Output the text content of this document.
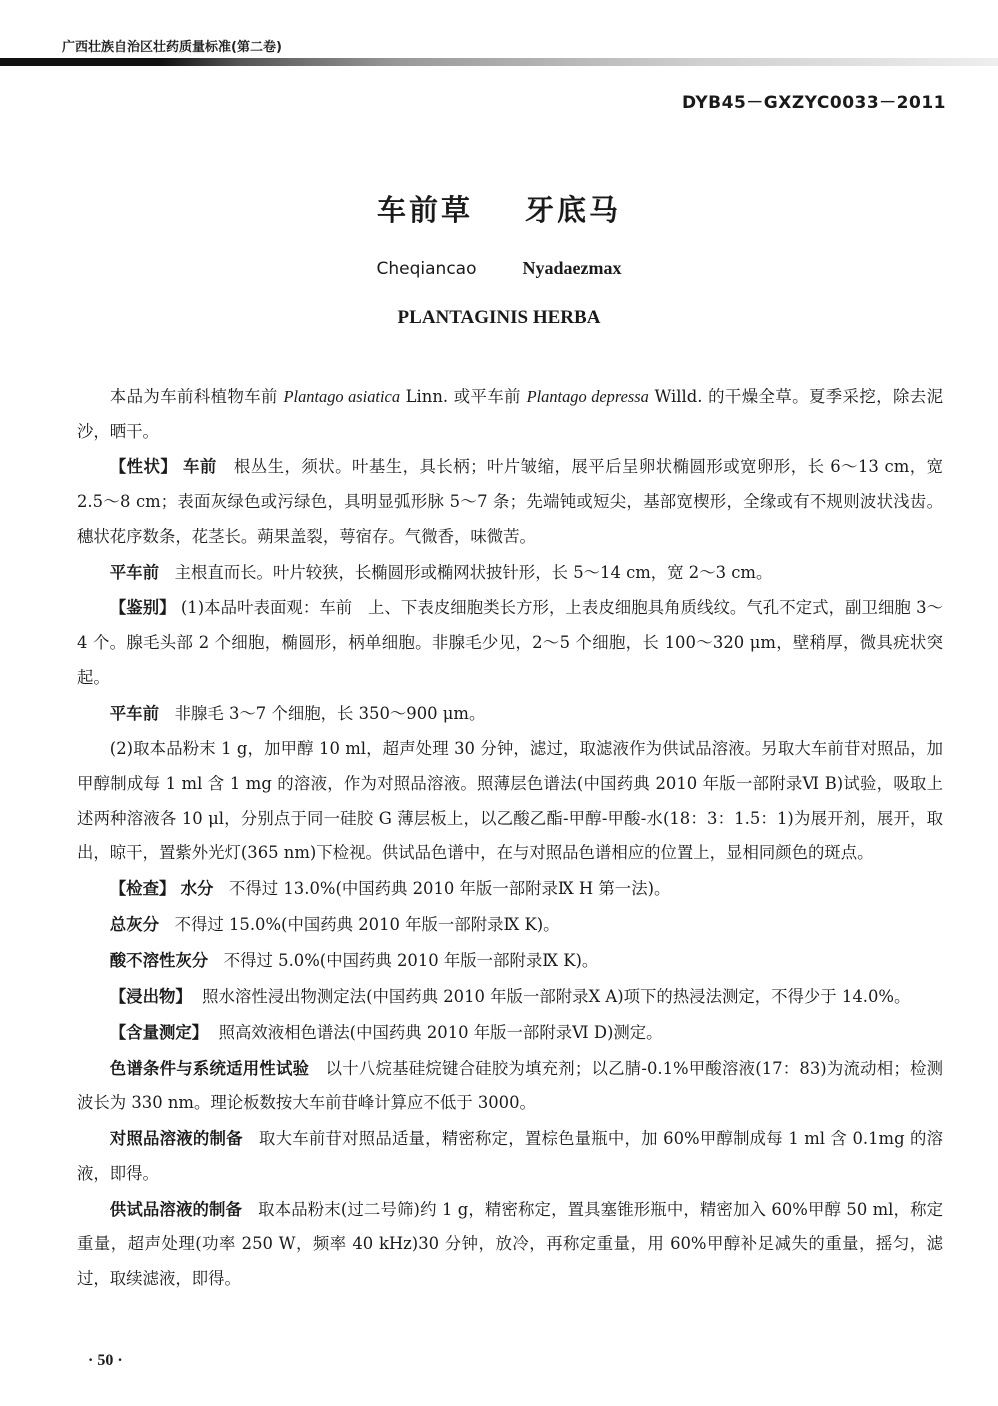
广西壮族自治区壮药质量标准(第二卷)
DYB45－GXZYC0033－2011
车前草 牙底马
Cheqiancao	Nyadaezmax
PLANTAGINIS HERBA

本品为车前科植物车前 Plantago asiatica Linn. 或平车前 Plantago depressa Willd. 的干燥全草。夏季采挖，除去泥沙，晒干。

【性状】 车前 根丛生，须状。叶基生，具长柄；叶片皱缩，展平后呈卵状椭圆形或宽卵形，长 6～13 cm，宽 2.5～8 cm；表面灰绿色或污绿色，具明显弧形脉 5～7 条；先端钝或短尖，基部宽楔形，全缘或有不规则波状浅齿。穗状花序数条，花茎长。蒴果盖裂，萼宿存。气微香，味微苦。

平车前 主根直而长。叶片较狭，长椭圆形或椭网状披针形，长 5～14 cm，宽 2～3 cm。

【鉴别】 (1)本品叶表面观：车前 上、下表皮细胞类长方形，上表皮细胞具角质线纹。气孔不定式，副卫细胞 3～4 个。腺毛头部 2 个细胞，椭圆形，柄单细胞。非腺毛少见，2～5 个细胞，长 100～320 μm，壁稍厚，微具疣状突起。

平车前 非腺毛 3～7 个细胞，长 350～900 μm。

(2)取本品粉末 1 g，加甲醇 10 ml，超声处理 30 分钟，滤过，取滤液作为供试品溶液。另取大车前苷对照品，加甲醇制成每 1 ml 含 1 mg 的溶液，作为对照品溶液。照薄层色谱法(中国药典 2010 年版一部附录Ⅵ B)试验，吸取上述两种溶液各 10 μl，分别点于同一硅胶 G 薄层板上，以乙酸乙酯-甲醇-甲酸-水(18：3：1.5：1)为展开剂，展开，取出，晾干，置紫外光灯(365 nm)下检视。供试品色谱中，在与对照品色谱相应的位置上，显相同颜色的斑点。

【检查】 水分 不得过 13.0%(中国药典 2010 年版一部附录Ⅸ H 第一法)。

总灰分 不得过 15.0%(中国药典 2010 年版一部附录Ⅸ K)。

酸不溶性灰分 不得过 5.0%(中国药典 2010 年版一部附录Ⅸ K)。

【浸出物】 照水溶性浸出物测定法(中国药典 2010 年版一部附录Ⅹ A)项下的热浸法测定，不得少于 14.0%。

【含量测定】 照高效液相色谱法(中国药典 2010 年版一部附录Ⅵ D)测定。

色谱条件与系统适用性试验 以十八烷基硅烷键合硅胶为填充剂；以乙腈-0.1%甲酸溶液(17：83)为流动相；检测波长为 330 nm。理论板数按大车前苷峰计算应不低于 3000。

对照品溶液的制备 取大车前苷对照品适量，精密称定，置棕色量瓶中，加 60%甲醇制成每 1 ml 含 0.1mg 的溶液，即得。

供试品溶液的制备 取本品粉末(过二号筛)约 1 g，精密称定，置具塞锥形瓶中，精密加入 60%甲醇 50 ml，称定重量，超声处理(功率 250 W，频率 40 kHz)30 分钟，放冷，再称定重量，用 60%甲醇补足减失的重量，摇匀，滤过，取续滤液，即得。

· 50 ·
